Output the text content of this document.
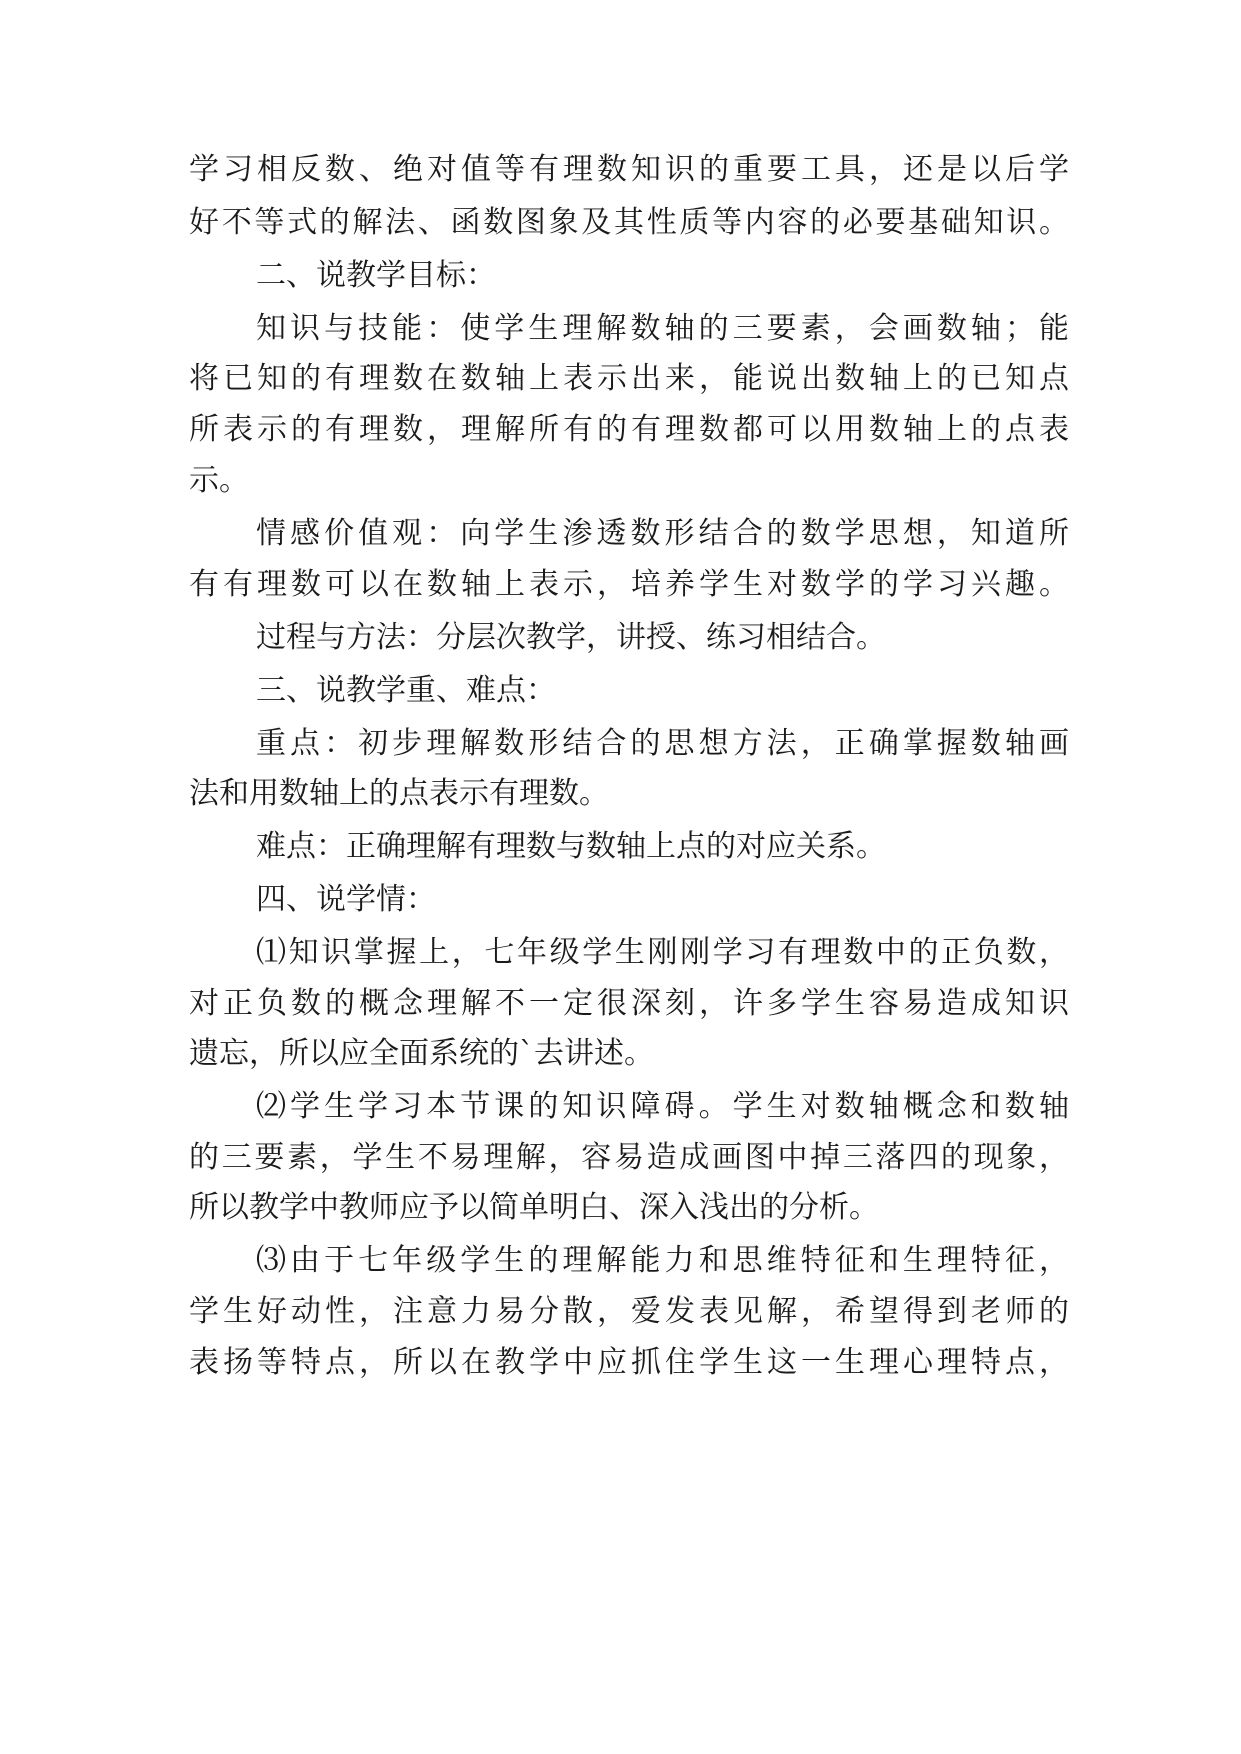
学习相反数、绝对值等有理数知识的重要工具，还是以后学

好不等式的解法、函数图象及其性质等内容的必要基础知识。

二、说教学目标：

知识与技能：使学生理解数轴的三要素，会画数轴；能

将已知的有理数在数轴上表示出来，能说出数轴上的已知点

所表示的有理数，理解所有的有理数都可以用数轴上的点表

示。

情感价值观：向学生渗透数形结合的数学思想，知道所

有有理数可以在数轴上表示，培养学生对数学的学习兴趣。

过程与方法：分层次教学，讲授、练习相结合。

三、说教学重、难点：

重点：初步理解数形结合的思想方法，正确掌握数轴画

法和用数轴上的点表示有理数。

难点：正确理解有理数与数轴上点的对应关系。

四、说学情：

⑴知识掌握上，七年级学生刚刚学习有理数中的正负数，

对正负数的概念理解不一定很深刻，许多学生容易造成知识

遗忘，所以应全面系统的`去讲述。

⑵学生学习本节课的知识障碍。学生对数轴概念和数轴

的三要素，学生不易理解，容易造成画图中掉三落四的现象，

所以教学中教师应予以简单明白、深入浅出的分析。

⑶由于七年级学生的理解能力和思维特征和生理特征，

学生好动性，注意力易分散，爱发表见解，希望得到老师的

表扬等特点，所以在教学中应抓住学生这一生理心理特点，
